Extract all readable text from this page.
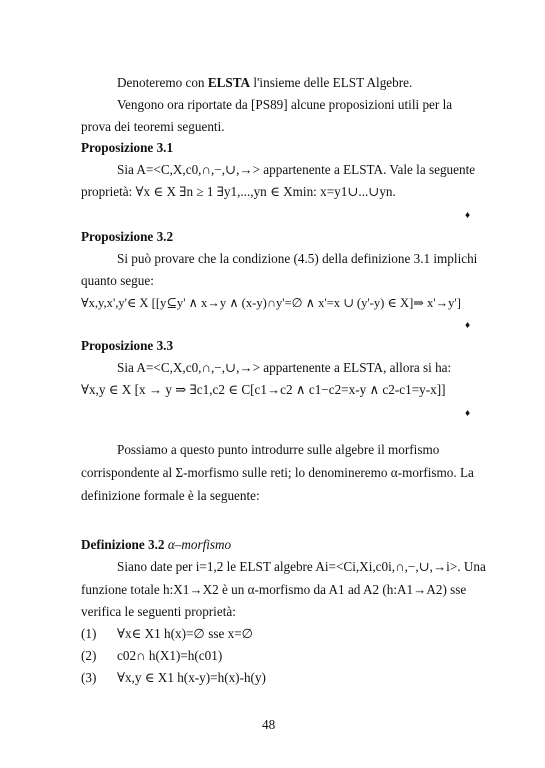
Denoteremo con ELSTA l'insieme delle ELST Algebre.
Vengono ora riportate da [PS89] alcune proposizioni utili per la
prova dei teoremi seguenti.
Proposizione 3.1
Sia A=<C,X,c0,∩,−,∪,→> appartenente a ELSTA. Vale la seguente
proprietà: ∀x ∈ X ∃n ≥ 1 ∃y1,...,yn ∈ Xmin: x=y1∪...∪yn.
♦
Proposizione 3.2
Si può provare che la condizione (4.5) della definizione 3.1 implichi
quanto segue:
∀x,y,x',y'∈ X [[y⊆y' ∧ x→y ∧ (x-y)∩y'=∅ ∧ x'=x ∪ (y'-y) ∈ X]⇒ x'→y']
♦
Proposizione 3.3
Sia A=<C,X,c0,∩,−,∪,→> appartenente a ELSTA, allora si ha:
∀x,y ∈ X [x → y ⇒ ∃c1,c2 ∈ C[c1→c2 ∧ c1−c2=x-y ∧ c2-c1=y-x]]
♦
Possiamo a questo punto introdurre sulle algebre il morfismo
corrispondente al Σ-morfismo sulle reti; lo denomineremo α-morfismo. La
definizione formale è la seguente:
Definizione 3.2 α–morfismo
Siano date per i=1,2 le ELST algebre Ai=<Ci,Xi,c0i,∩,−,∪,→i>. Una
funzione totale h:X1→X2 è un α-morfismo da A1 ad A2 (h:A1→A2) sse
verifica le seguenti proprietà:
(1) ∀x∈ X1 h(x)=∅ sse x=∅
(2) c02∩ h(X1)=h(c01)
(3) ∀x,y ∈ X1 h(x-y)=h(x)-h(y)
48
